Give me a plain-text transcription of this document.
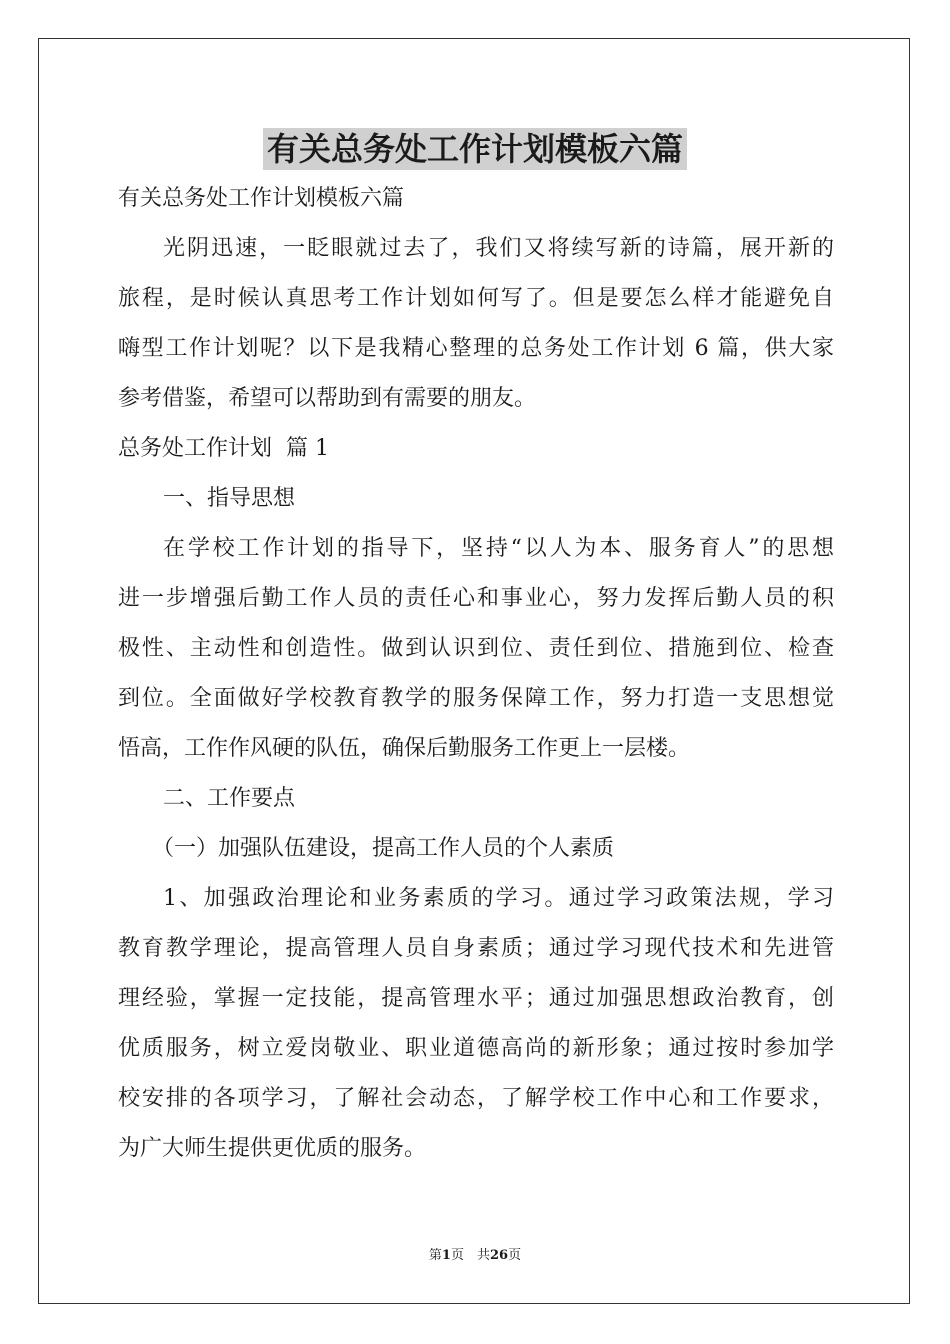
有关总务处工作计划模板六篇
有关总务处工作计划模板六篇
光阴迅速，一眨眼就过去了，我们又将续写新的诗篇，展开新的
旅程，是时候认真思考工作计划如何写了。但是要怎么样才能避免自
嗨型工作计划呢？以下是我精心整理的总务处工作计划 6 篇，供大家
参考借鉴，希望可以帮助到有需要的朋友。
总务处工作计划  篇 1
一、指导思想
在学校工作计划的指导下，坚持“以人为本、服务育人”的思想
进一步增强后勤工作人员的责任心和事业心，努力发挥后勤人员的积
极性、主动性和创造性。做到认识到位、责任到位、措施到位、检查
到位。全面做好学校教育教学的服务保障工作，努力打造一支思想觉
悟高，工作作风硬的队伍，确保后勤服务工作更上一层楼。
二、工作要点
（一）加强队伍建设，提高工作人员的个人素质
1、加强政治理论和业务素质的学习。通过学习政策法规，学习
教育教学理论，提高管理人员自身素质；通过学习现代技术和先进管
理经验，掌握一定技能，提高管理水平；通过加强思想政治教育，创
优质服务，树立爱岗敬业、职业道德高尚的新形象；通过按时参加学
校安排的各项学习，了解社会动态，了解学校工作中心和工作要求，
为广大师生提供更优质的服务。
第1页　共26页
